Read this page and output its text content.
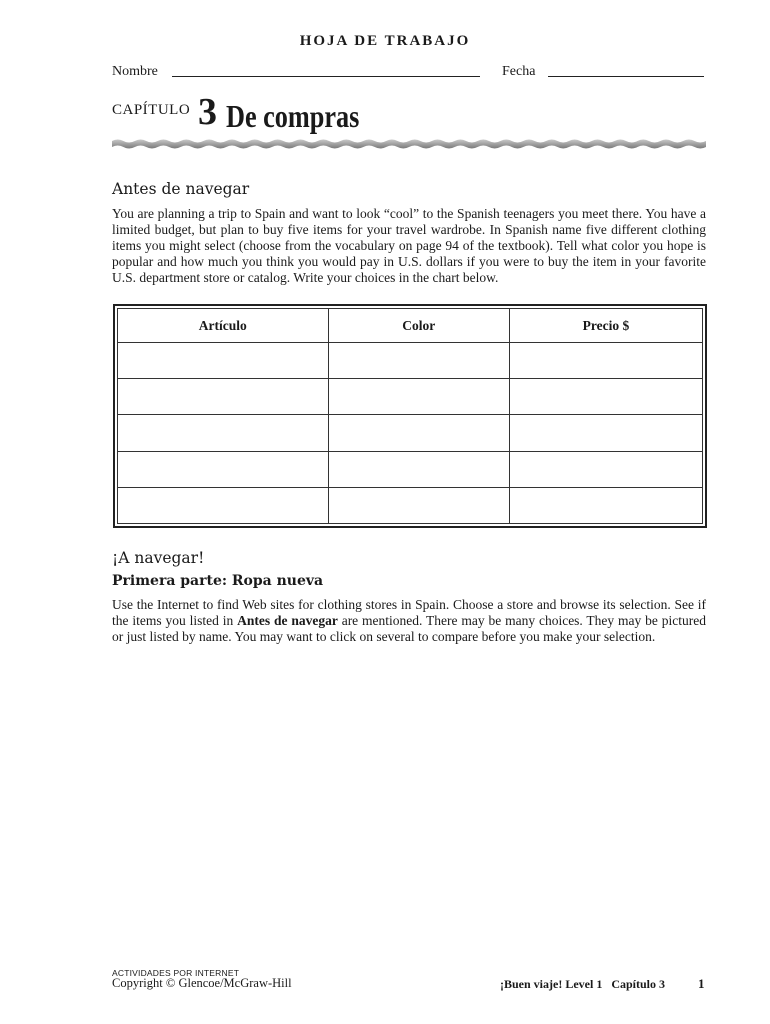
HOJA DE TRABAJO
Nombre	Fecha
CAPÍTULO 3 De compras
Antes de navegar

You are planning a trip to Spain and want to look “cool” to the Spanish teenagers you meet there. You have a limited budget, but plan to buy five items for your travel wardrobe. In Spanish name five different clothing items you might select (choose from the vocabulary on page 94 of the textbook). Tell what color you hope is popular and how much you think you would pay in U.S. dollars if you were to buy the item in your favorite U.S. department store or catalog. Write your choices in the chart below.

Artículo	Color	Precio $

¡A navegar!
Primera parte: Ropa nueva

Use the Internet to find Web sites for clothing stores in Spain. Choose a store and browse its selection. See if the items you listed in Antes de navegar are mentioned. There may be many choices. They may be pictured or just listed by name. You may want to click on several to compare before you make your selection.

ACTIVIDADES POR INTERNET
Copyright © Glencoe/McGraw-Hill	¡Buen viaje! Level 1   Capítulo 3	1
